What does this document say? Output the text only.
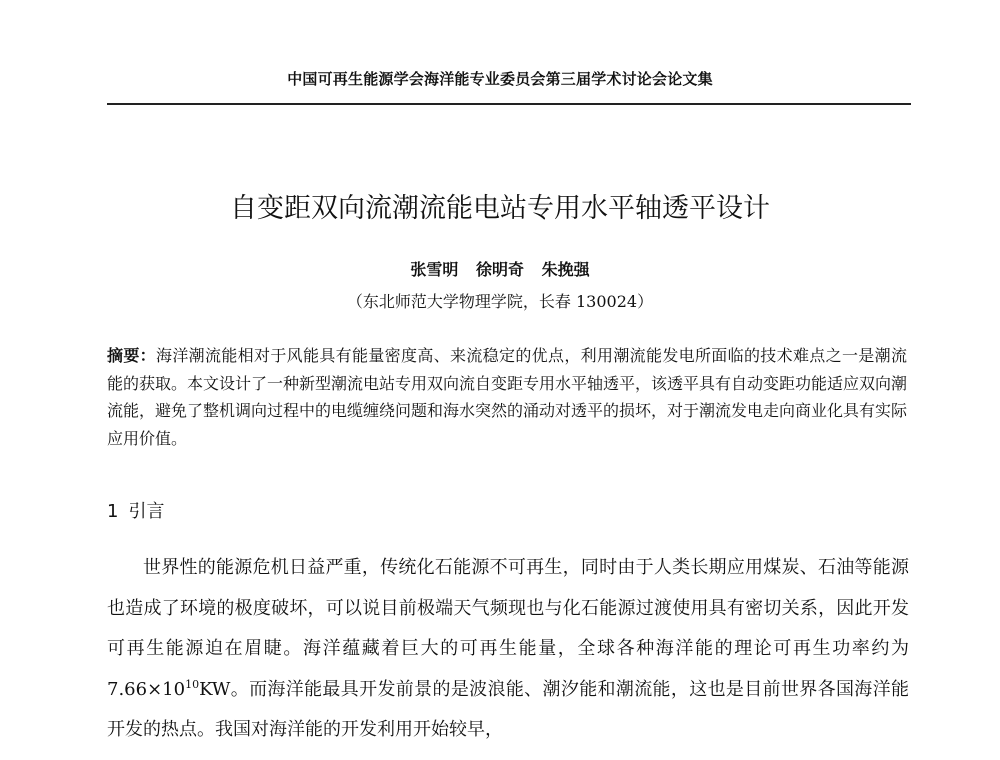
中国可再生能源学会海洋能专业委员会第三届学术讨论会论文集
自变距双向流潮流能电站专用水平轴透平设计
张雪明 徐明奇 朱挽强
（东北师范大学物理学院，长春 130024）
摘要：海洋潮流能相对于风能具有能量密度高、来流稳定的优点，利用潮流能发电所面临的技术难点之一是潮流能的获取。本文设计了一种新型潮流电站专用双向流自变距专用水平轴透平，该透平具有自动变距功能适应双向潮流能，避免了整机调向过程中的电缆缠绕问题和海水突然的涌动对透平的损坏，对于潮流发电走向商业化具有实际应用价值。
1 引言
世界性的能源危机日益严重，传统化石能源不可再生，同时由于人类长期应用煤炭、石油等能源也造成了环境的极度破坏，可以说目前极端天气频现也与化石能源过渡使用具有密切关系，因此开发可再生能源迫在眉睫。海洋蕴藏着巨大的可再生能量，全球各种海洋能的理论可再生功率约为 $7.66\times 10^{10}KW$。而海洋能最具开发前景的是波浪能、潮汐能和潮流能，这也是目前世界各国海洋能开发的热点。我国对海洋能的开发利用开始较早，
